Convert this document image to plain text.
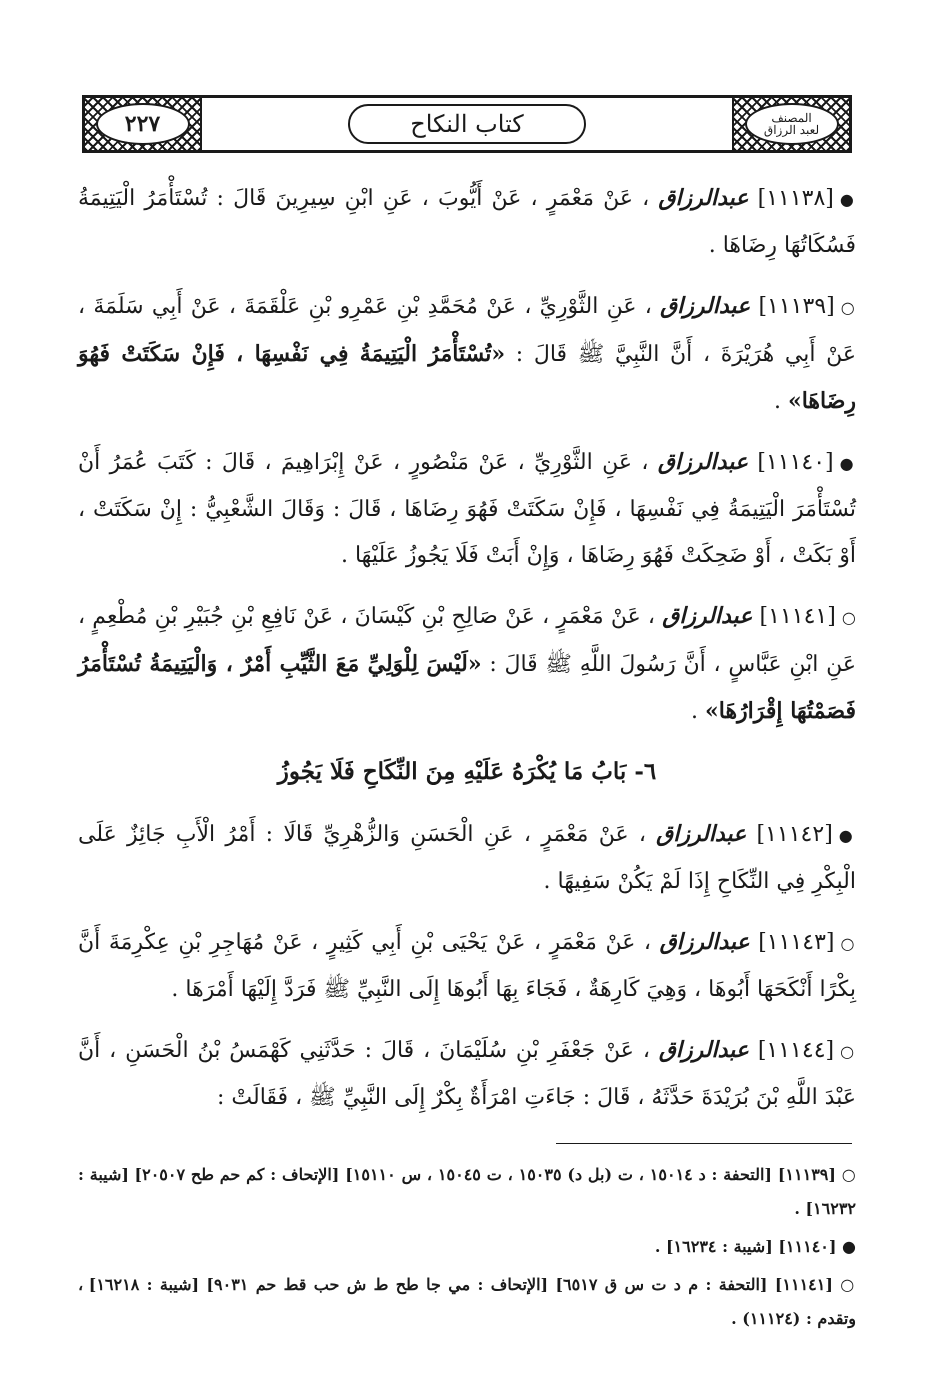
٢٢٧	كتاب النكاح	المصنف
لعبد الرزاق

●[١١١٣٨] عبدالرزاق ، عَنْ مَعْمَرٍ ، عَنْ أَيُّوبَ ، عَنِ ابْنِ سِيرِينَ قَالَ : تُسْتَأْمَرُ الْيَتِيمَةُ فَسُكَاتُهَا رِضَاهَا .

○[١١١٣٩] عبدالرزاق ، عَنِ الثَّوْرِيِّ ، عَنْ مُحَمَّدِ بْنِ عَمْرِو بْنِ عَلْقَمَةَ ، عَنْ أَبِي سَلَمَةَ ، عَنْ أَبِي هُرَيْرَةَ ، أَنَّ النَّبِيَّ ﷺ قَالَ : «تُسْتَأْمَرُ الْيَتِيمَةُ فِي نَفْسِهَا ، فَإِنْ سَكَتَتْ فَهُوَ رِضَاهَا» .

●[١١١٤٠] عبدالرزاق ، عَنِ الثَّوْرِيِّ ، عَنْ مَنْصُورٍ ، عَنْ إِبْرَاهِيمَ ، قَالَ : كَتَبَ عُمَرُ أَنْ تُسْتَأْمَرَ الْيَتِيمَةُ فِي نَفْسِهَا ، فَإِنْ سَكَتَتْ فَهُوَ رِضَاهَا ، قَالَ : وَقَالَ الشَّعْبِيُّ : إِنْ سَكَتَتْ ، أَوْ بَكَتْ ، أَوْ ضَحِكَتْ فَهُوَ رِضَاهَا ، وَإِنْ أَبَتْ فَلَا يَجُوزُ عَلَيْهَا .

○[١١١٤١] عبدالرزاق ، عَنْ مَعْمَرٍ ، عَنْ صَالِحِ بْنِ كَيْسَانَ ، عَنْ نَافِعِ بْنِ جُبَيْرِ بْنِ مُطْعِمٍ ، عَنِ ابْنِ عَبَّاسٍ ، أَنَّ رَسُولَ اللَّهِ ﷺ قَالَ : «لَيْسَ لِلْوَلِيِّ مَعَ الثَّيِّبِ أَمْرٌ ، وَالْيَتِيمَةُ تُسْتَأْمَرُ فَصَمْتُهَا إِقْرَارُهَا» .

٦- بَابُ مَا يُكْرَهُ عَلَيْهِ مِنَ النِّكَاحِ فَلَا يَجُوزُ

●[١١١٤٢] عبدالرزاق ، عَنْ مَعْمَرٍ ، عَنِ الْحَسَنِ وَالزُّهْرِيِّ قَالَا : أَمْرُ الْأَبِ جَائِزٌ عَلَى الْبِكْرِ فِي النِّكَاحِ إِذَا لَمْ يَكُنْ سَفِيهًا .

○[١١١٤٣] عبدالرزاق ، عَنْ مَعْمَرٍ ، عَنْ يَحْيَى بْنِ أَبِي كَثِيرٍ ، عَنْ مُهَاجِرِ بْنِ عِكْرِمَةَ أَنَّ بِكْرًا أَنْكَحَهَا أَبُوهَا ، وَهِيَ كَارِهَةٌ ، فَجَاءَ بِهَا أَبُوهَا إِلَى النَّبِيِّ ﷺ فَرَدَّ إِلَيْهَا أَمْرَهَا .

○[١١١٤٤] عبدالرزاق ، عَنْ جَعْفَرِ بْنِ سُلَيْمَانَ ، قَالَ : حَدَّثَنِي كَهْمَسُ بْنُ الْحَسَنِ ، أَنَّ عَبْدَ اللَّهِ بْنَ بُرَيْدَةَ حَدَّثَهُ ، قَالَ : جَاءَتِ امْرَأَةٌ بِكْرٌ إِلَى النَّبِيِّ ﷺ ، فَقَالَتْ :

○ [١١١٣٩] [التحفة : د ١٥٠١٤ ، ت (بل د) ١٥٠٣٥ ، ت ١٥٠٤٥ ، س ١٥١١٠] [الإتحاف : كم حم طح ٢٠٥٠٧] [شيبة : ١٦٢٣٢] .

● [١١١٤٠] [شيبة : ١٦٢٣٤] .

○ [١١١٤١] [التحفة : م د ت س ق ٦٥١٧] [الإتحاف : مي جا طح ط ش حب قط حم ٩٠٣١] [شيبة : ١٦٢١٨] ، وتقدم : (١١١٢٤) .
